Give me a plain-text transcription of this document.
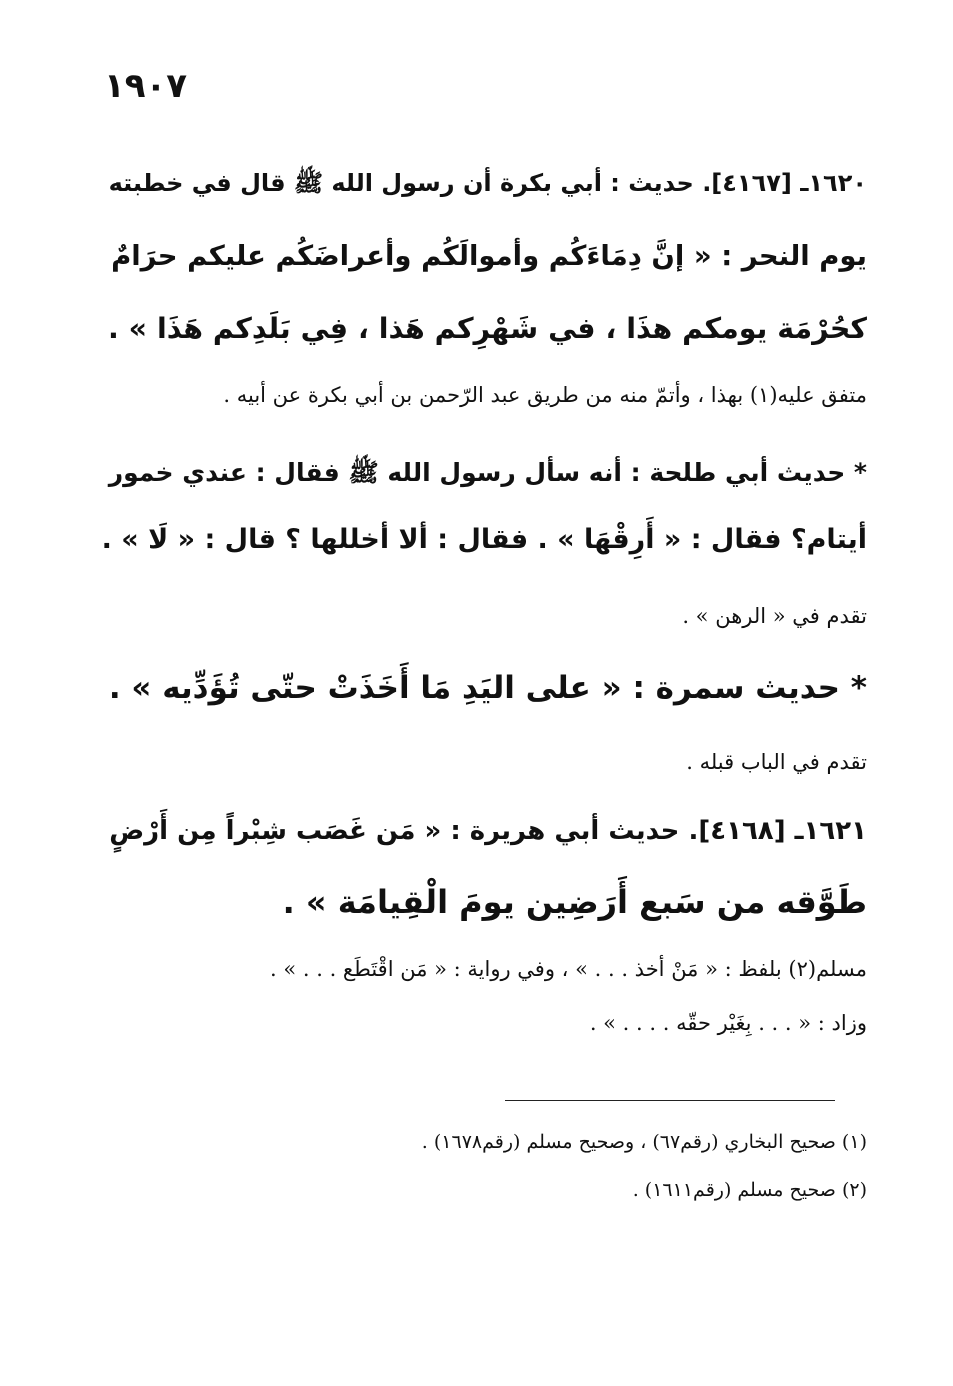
١٩٠٧
١٦٢٠ـ [٤١٦٧]. حديث : أبي بكرة أن رسول الله ﷺ قال في خطبته
يوم النحر : « إنَّ دِمَاءَكُم وأموالَكُم وأعراضَكُم عليكم حرَامٌ
كحُرْمَة يومكم هذَا ، في شَهْرِكم هَذا ، فِي بَلَدِكم هَذَا » .
متفق عليه(١) بهذا ، وأتمّ منه من طريق عبد الرّحمن بن أبي بكرة عن أبيه .
* حديث أبي طلحة : أنه سأل رسول الله ﷺ فقال : عندي خمور
أيتام؟ فقال : « أَرِقْهَا » . فقال : ألا أخللها ؟ قال : « لَا » .
تقدم في « الرهن » .
* حديث سمرة : « على اليَدِ مَا أَخَذَتْ حتّى تُؤَدِّيه » .
تقدم في الباب قبله .
١٦٢١ـ [٤١٦٨]. حديث أبي هريرة : « مَن غَصَب شِبْراً مِن أَرْضٍ
طَوَّقه من سَبع أَرَضِين يومَ الْقِيامَة » .
مسلم(٢) بلفظ : « مَنْ أخذ . . . » ، وفي رواية : « مَن اقْتَطَع . . . » .
وزاد : « . . . بِغَيْر حقّه . . . . » .
(١) صحيح البخاري (رقم٦٧) ، وصحيح مسلم (رقم١٦٧٨) .
(٢) صحيح مسلم (رقم١٦١١) .
